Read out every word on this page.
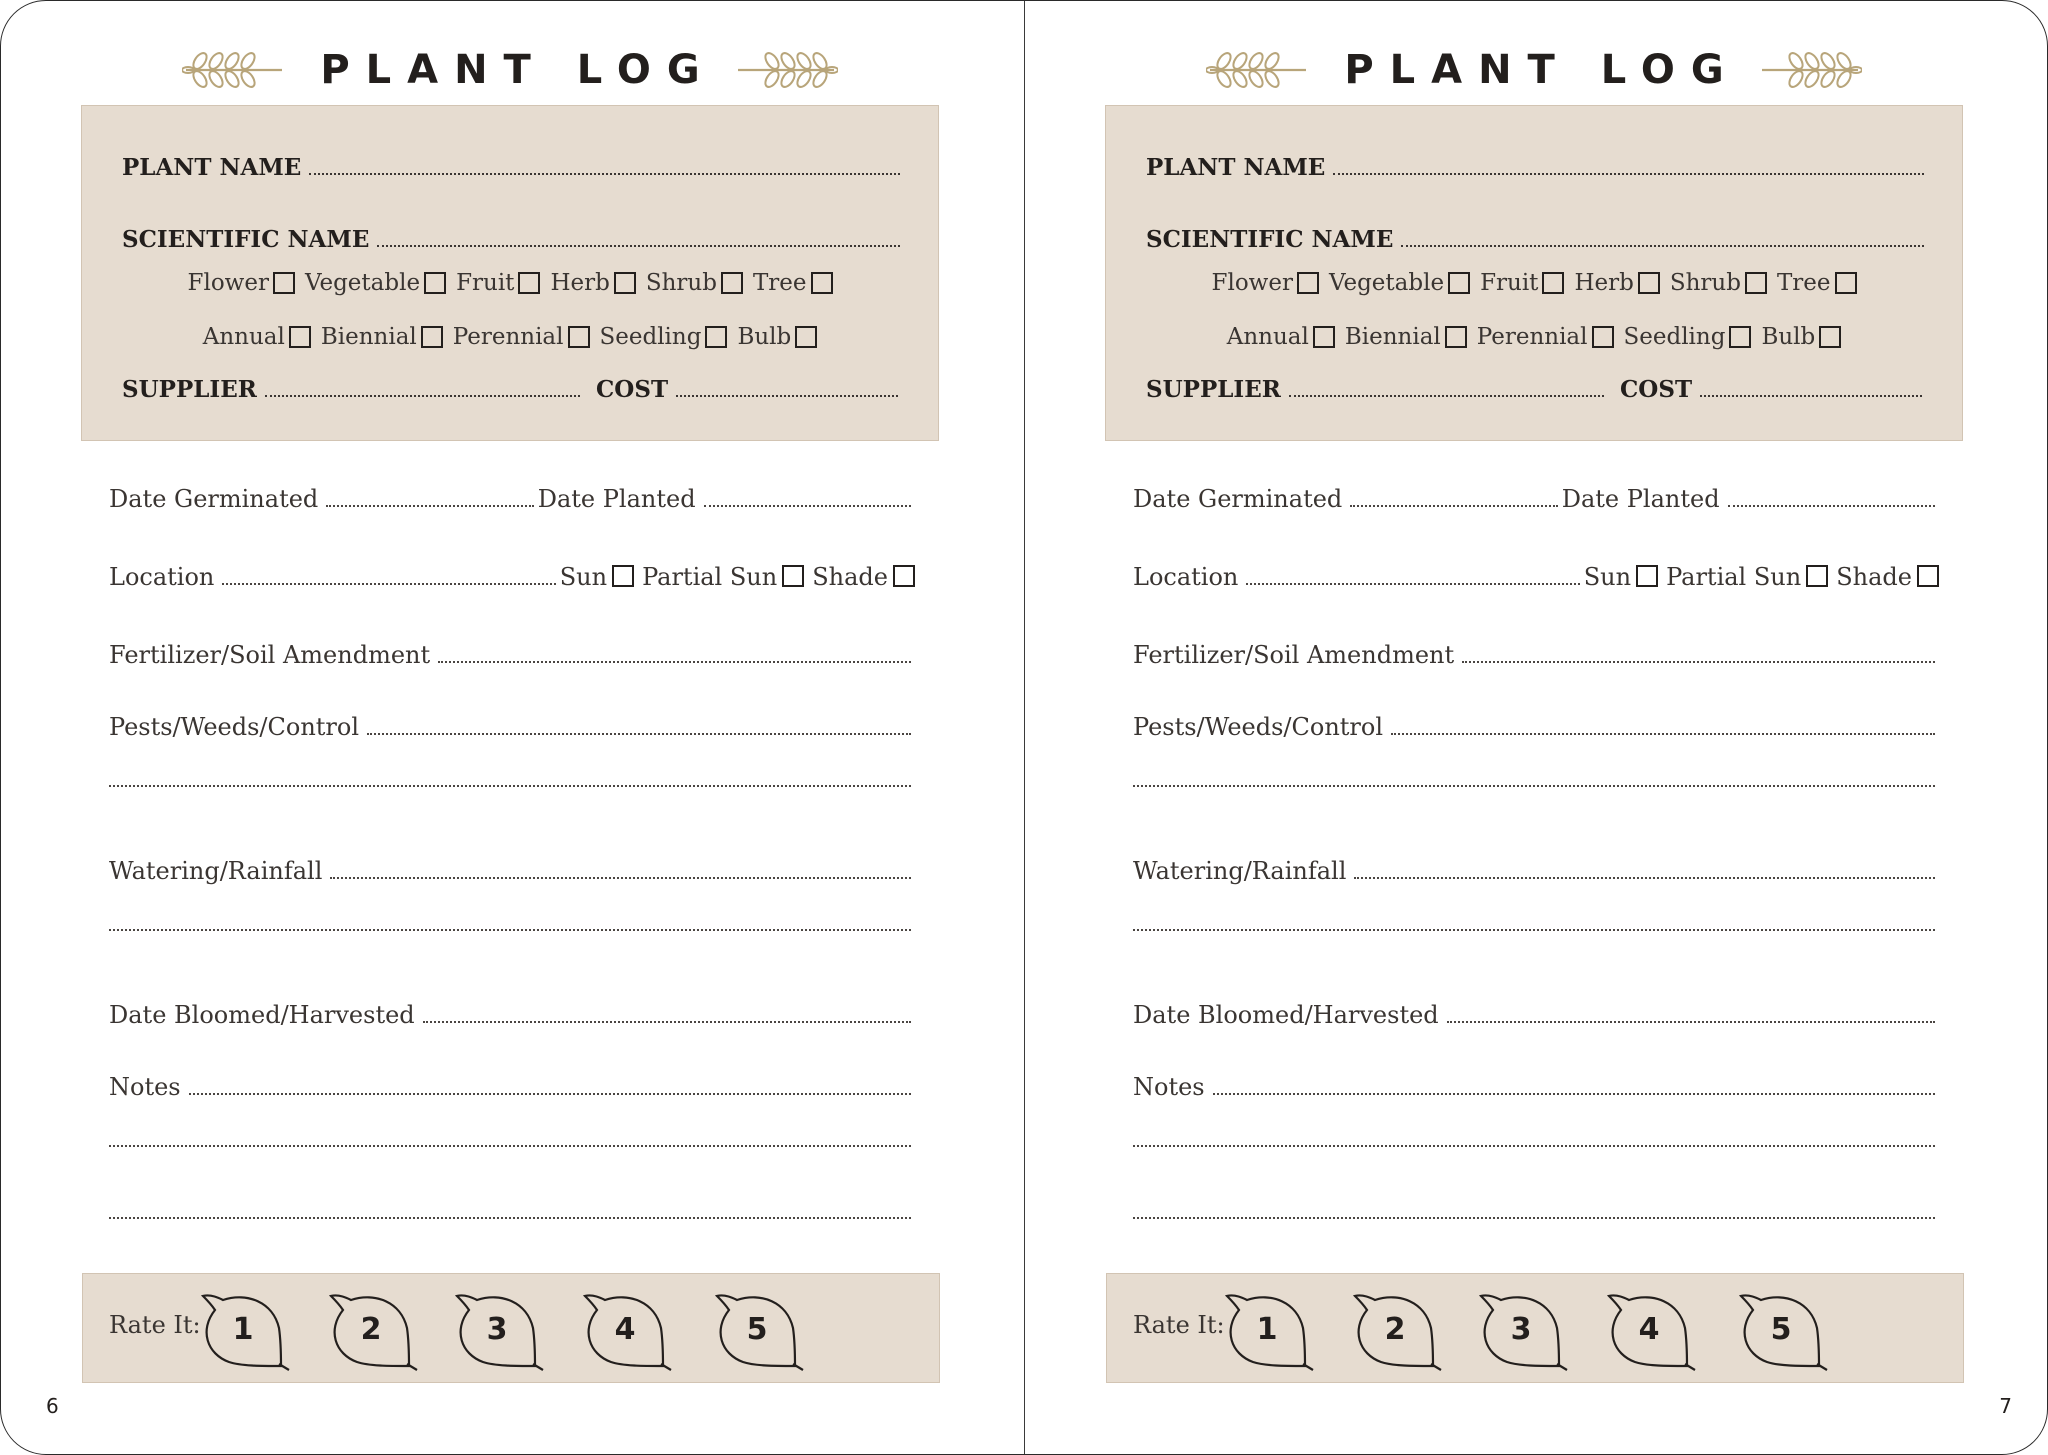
PLANT LOG
PLANT NAME
SCIENTIFIC NAME
Flower Vegetable Fruit Herb Shrub Tree
Annual Biennial Perennial Seedling Bulb
SUPPLIER	COST
Date Germinated	Date Planted
Location	Sun Partial Sun Shade
Fertilizer/Soil Amendment
Pests/Weeds/Control
Watering/Rainfall
Date Bloomed/Harvested
Notes
Rate It:	1	2	3	4	5
6
PLANT LOG
PLANT NAME
SCIENTIFIC NAME
Flower Vegetable Fruit Herb Shrub Tree
Annual Biennial Perennial Seedling Bulb
SUPPLIER	COST
Date Germinated	Date Planted
Location	Sun Partial Sun Shade
Fertilizer/Soil Amendment
Pests/Weeds/Control
Watering/Rainfall
Date Bloomed/Harvested
Notes
Rate It:	1	2	3	4	5
7
